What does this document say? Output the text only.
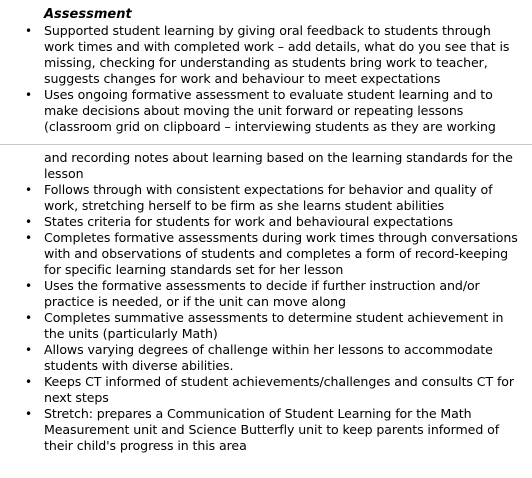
Assessment
• Supported student learning by giving oral feedback to students through work times and with completed work – add details, what do you see that is missing, checking for understanding as students bring work to teacher, suggests changes for work and behaviour to meet expectations
• Uses ongoing formative assessment to evaluate student learning and to make decisions about moving the unit forward or repeating lessons (classroom grid on clipboard – interviewing students as they are working
and recording notes about learning based on the learning standards for the lesson
• Follows through with consistent expectations for behavior and quality of work, stretching herself to be firm as she learns student abilities
• States criteria for students for work and behavioural expectations
• Completes formative assessments during work times through conversations with and observations of students and completes a form of record-keeping for specific learning standards set for her lesson
• Uses the formative assessments to decide if further instruction and/or practice is needed, or if the unit can move along
• Completes summative assessments to determine student achievement in the units (particularly Math)
• Allows varying degrees of challenge within her lessons to accommodate students with diverse abilities.
• Keeps CT informed of student achievements/challenges and consults CT for next steps
• Stretch: prepares a Communication of Student Learning for the Math Measurement unit and Science Butterfly unit to keep parents informed of their child's progress in this area
